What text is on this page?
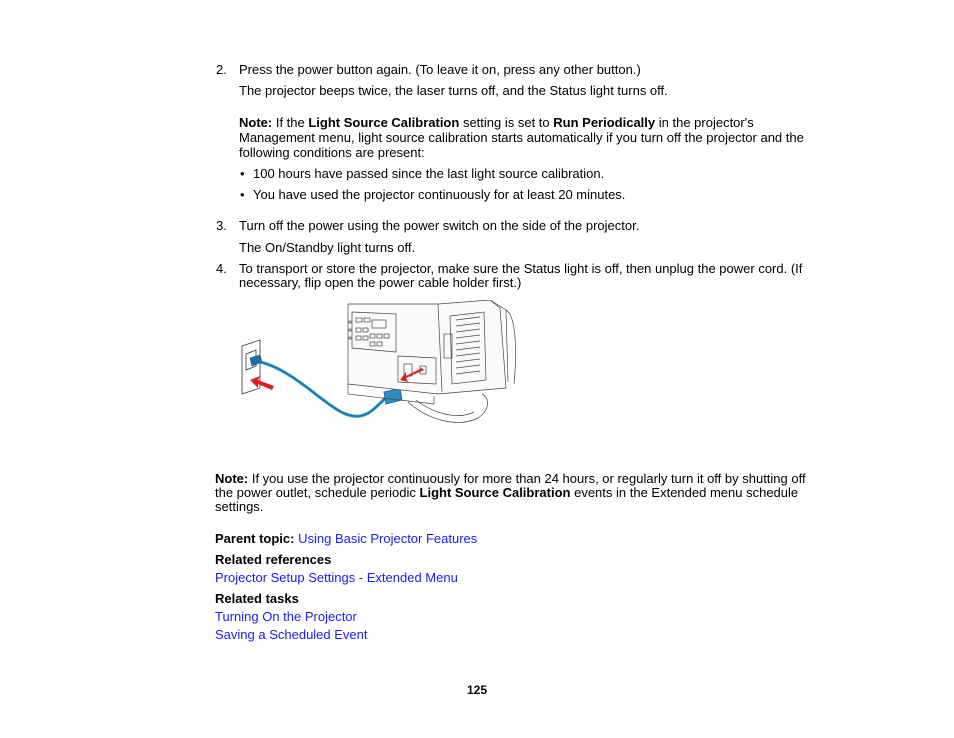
2. Press the power button again. (To leave it on, press any other button.)
The projector beeps twice, the laser turns off, and the Status light turns off.
Note: If the Light Source Calibration setting is set to Run Periodically in the projector's
Management menu, light source calibration starts automatically if you turn off the projector and the
following conditions are present:
• 100 hours have passed since the last light source calibration.
• You have used the projector continuously for at least 20 minutes.
3. Turn off the power using the power switch on the side of the projector.
The On/Standby light turns off.
4. To transport or store the projector, make sure the Status light is off, then unplug the power cord. (If
necessary, flip open the power cable holder first.)
Note: If you use the projector continuously for more than 24 hours, or regularly turn it off by shutting off
the power outlet, schedule periodic Light Source Calibration events in the Extended menu schedule
settings.
Parent topic: Using Basic Projector Features
Related references
Projector Setup Settings - Extended Menu
Related tasks
Turning On the Projector
Saving a Scheduled Event
125
